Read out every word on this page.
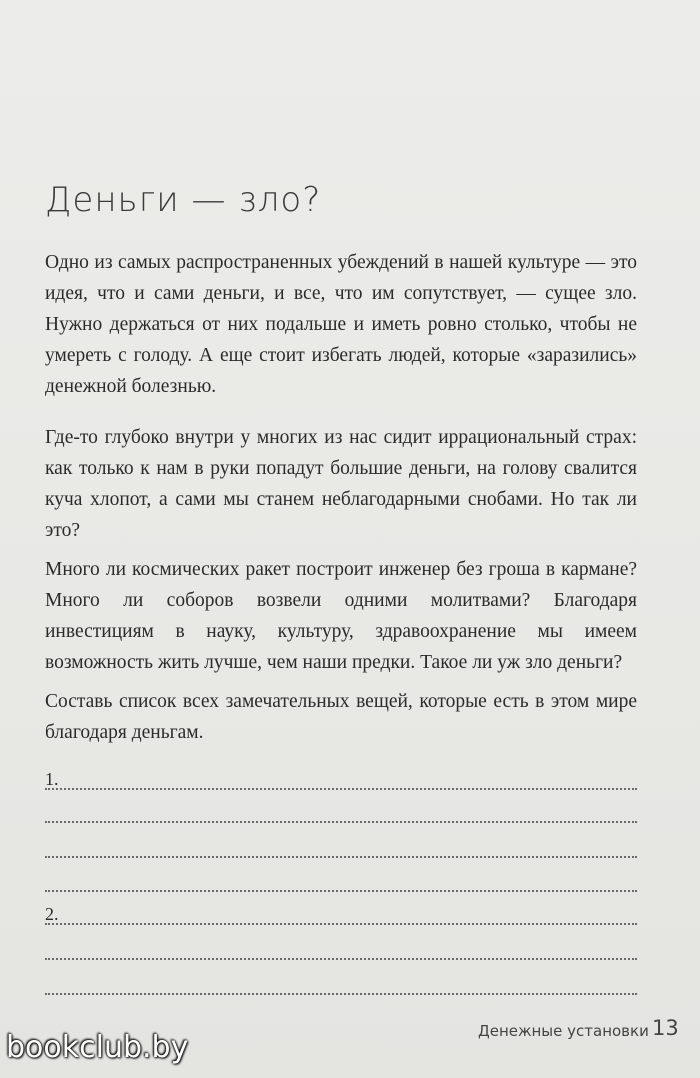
Деньги — зло?

Одно из самых распространенных убеждений в нашей культуре — это идея, что и сами деньги, и все, что им сопутствует, — сущее зло. Нужно держаться от них подальше и иметь ровно столько, чтобы не умереть с голоду. А еще стоит избегать людей, которые «заразились» денежной болезнью.

Где-то глубоко внутри у многих из нас сидит иррациональный страх: как только к нам в руки попадут большие деньги, на голову свалится куча хлопот, а сами мы станем неблагодарными снобами. Но так ли это?

Много ли космических ракет построит инженер без гроша в кармане? Много ли соборов возвели одними молитвами? Благодаря инвестициям в науку, культуру, здравоохранение мы имеем возможность жить лучше, чем наши предки. Такое ли уж зло деньги?

Составь список всех замечательных вещей, которые есть в этом мире благодаря деньгам.

1.
2.
Денежные установки 13
bookclub.by
